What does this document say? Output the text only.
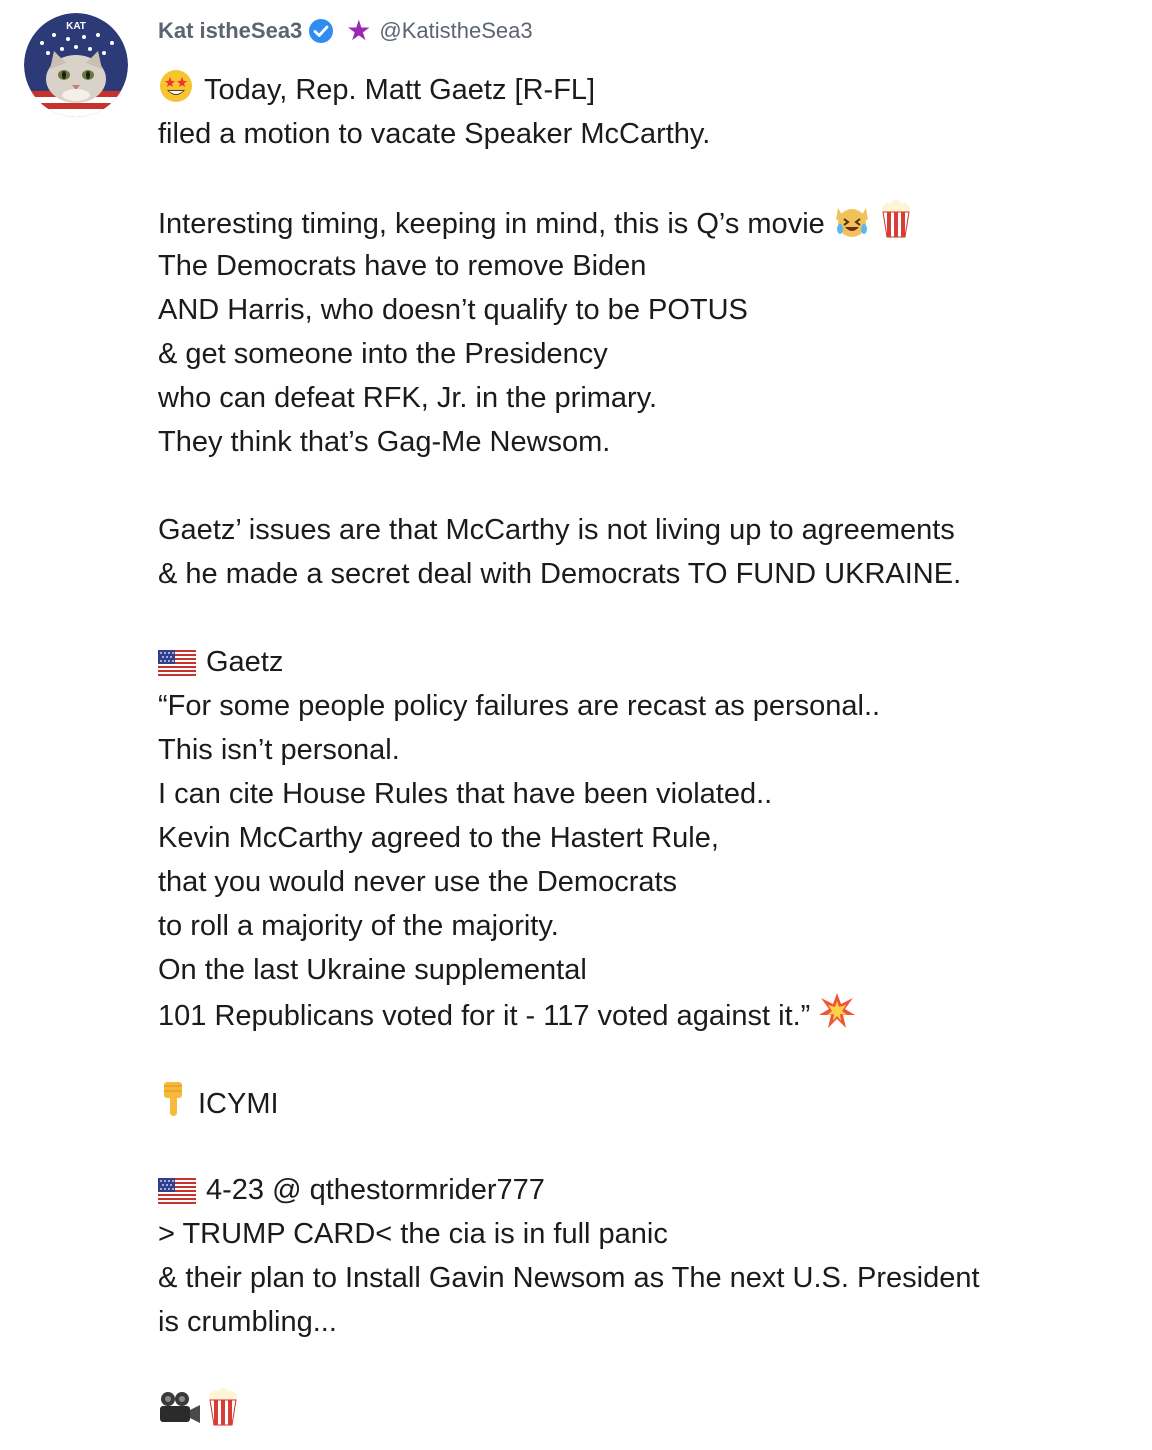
KAT	Kat istheSea3 ★ @KatistheSea3
Today, Rep. Matt Gaetz [R-FL]
filed a motion to vacate Speaker McCarthy.
Interesting timing, keeping in mind, this is Q’s movie
The Democrats have to remove Biden
AND Harris, who doesn’t qualify to be POTUS
& get someone into the Presidency
who can defeat RFK, Jr. in the primary.
They think that’s Gag-Me Newsom.
Gaetz’ issues are that McCarthy is not living up to agreements
& he made a secret deal with Democrats TO FUND UKRAINE.
Gaetz
“For some people policy failures are recast as personal..
This isn’t personal.
I can cite House Rules that have been violated..
Kevin McCarthy agreed to the Hastert Rule,
that you would never use the Democrats
to roll a majority of the majority.
On the last Ukraine supplemental
101 Republicans voted for it - 117 voted against it.”
ICYMI
4-23 @ qthestormrider777
> TRUMP CARD< the cia is in full panic
& their plan to Install Gavin Newsom as The next U.S. President
is crumbling...
